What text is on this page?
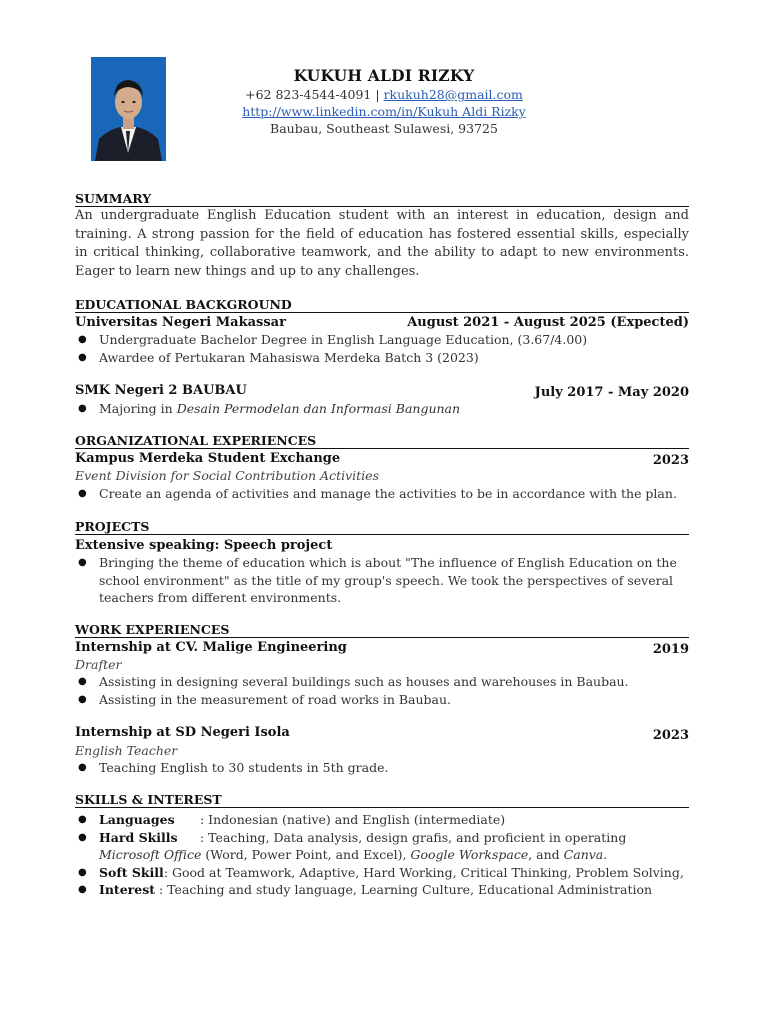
KUKUH ALDI RIZKY
+62 823-4544-4091 | rkukuh28@gmail.com
http://www.linkedin.com/in/Kukuh Aldi Rizky
Baubau, Southeast Sulawesi, 93725
SUMMARY
An undergraduate English Education student with an interest in education, design and training. A strong passion for the field of education has fostered essential skills, especially in critical thinking, collaborative teamwork, and the ability to adapt to new environments. Eager to learn new things and up to any challenges.
EDUCATIONAL BACKGROUND
Universitas Negeri Makassar	August 2021 - August 2025 (Expected)
● Undergraduate Bachelor Degree in English Language Education, (3.67/4.00)
● Awardee of Pertukaran Mahasiswa Merdeka Batch 3 (2023)
SMK Negeri 2 BAUBAU	July 2017 - May 2020
● Majoring in Desain Permodelan dan Informasi Bangunan
ORGANIZATIONAL EXPERIENCES
Kampus Merdeka Student Exchange	2023
Event Division for Social Contribution Activities
● Create an agenda of activities and manage the activities to be in accordance with the plan.
PROJECTS
Extensive speaking: Speech project
● Bringing the theme of education which is about "The influence of English Education on the school environment" as the title of my group's speech. We took the perspectives of several teachers from different environments.
WORK EXPERIENCES
Internship at CV. Malige Engineering	2019
Drafter
● Assisting in designing several buildings such as houses and warehouses in Baubau.
● Assisting in the measurement of road works in Baubau.
Internship at SD Negeri Isola	2023
English Teacher
● Teaching English to 30 students in 5th grade.
SKILLS & INTEREST
● Languages : Indonesian (native) and English (intermediate)
● Hard Skills : Teaching, Data analysis, design grafis, and proficient in operating Microsoft Office (Word, Power Point, and Excel), Google Workspace, and Canva.
● Soft Skill: Good at Teamwork, Adaptive, Hard Working, Critical Thinking, Problem Solving,
● Interest : Teaching and study language, Learning Culture, Educational Administration
